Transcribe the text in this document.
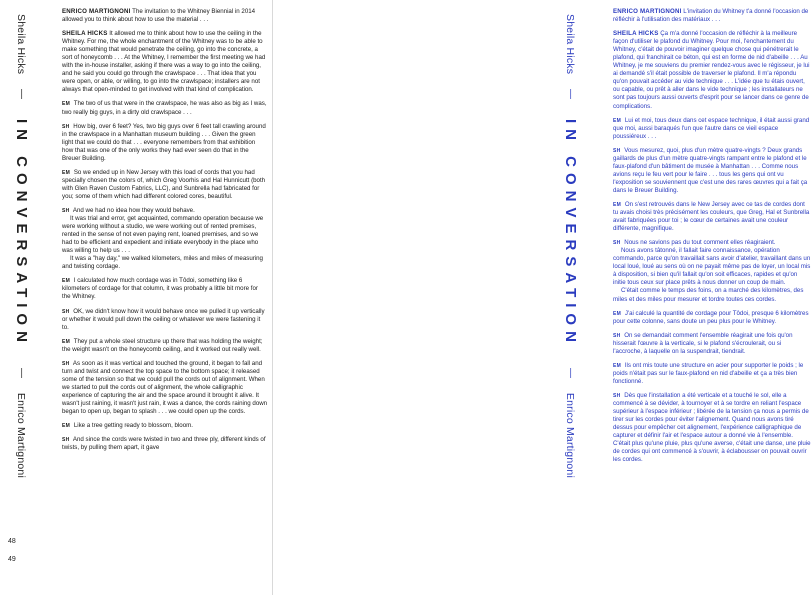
Sheila Hicks — IN CONVERSATION — Enrico Martignoni
48
49

ENRICO MARTIGNONI The invitation to the Whitney Biennial in 2014 allowed you to think about how to use the material . . .

SHEILA HICKS It allowed me to think about how to use the ceiling in the Whitney. For me, the whole enchantment of the Whitney was to be able to make something that would penetrate the ceiling, go into the concrete, a sort of honeycomb . . . At the Whitney, I remember the first meeting we had with the in-house installer, asking if there was a way to go into the ceiling, and he said you could go through the crawlspace . . . That idea that you were open, or able, or willing, to go into the crawlspace; installers are not always that open-minded to get involved with that kind of complication.

EM The two of us that were in the crawlspace, he was also as big as I was, two really big guys, in a dirty old crawlspace . . .

SH How big, over 6 feet? Yes, two big guys over 6 feet tall crawling around in the crawlspace in a Manhattan museum building . . . Given the green light that we could do that . . . everyone remembers from that exhibition how that was one of the only works they had ever seen do that in the Breuer Building.

EM So we ended up in New Jersey with this load of cords that you had specially chosen the colors of, which Greg Voorhis and Hal Hunnicutt (both with Glen Raven Custom Fabrics, LLC), and Sunbrella had fabricated for you; some of them which had different colored cores, beautiful.

SH And we had no idea how they would behave.
It was trial and error, get acquainted, commando operation because we were working without a studio, we were working out of rented premises, rented in the sense of not even paying rent, loaned premises, and so we had to be efficient and expedient and initiate everybody in the place who was willing to help us . . .
It was a "hay day," we walked kilometers, miles and miles of measuring and twisting cordage.

EM I calculated how much cordage was in Tôdoi, something like 6 kilometers of cordage for that column, it was probably a little bit more for the Whitney.

SH OK, we didn't know how it would behave once we pulled it up vertically or whether it would pull down the ceiling or whatever we were fastening it to.

EM They put a whole steel structure up there that was holding the weight; the weight wasn't on the honeycomb ceiling, and it worked out really well.

SH As soon as it was vertical and touched the ground, it began to fall and turn and twist and connect the top space to the bottom space; it released some of the tension so that we could pull the cords out of alignment. When we started to pull the cords out of alignment, the whole calligraphic experience of capturing the air and the space around it brought it alive. It wasn't just raining, it wasn't just rain, it was a dance, the cords raining down began to open up, began to splash . . . we could open up the cords.

EM Like a tree getting ready to blossom, bloom.

SH And since the cords were twisted in two and three ply, different kinds of twists, by pulling them apart, it gave

Sheila Hicks — IN CONVERSATION — Enrico Martignoni

ENRICO MARTIGNONI L'invitation du Whitney t'a donné l'occasion de réfléchir à l'utilisation des matériaux . . .

SHEILA HICKS Ça m'a donné l'occasion de réfléchir à la meilleure façon d'utiliser le plafond du Whitney. Pour moi, l'enchantement du Whitney, c'était de pouvoir imaginer quelque chose qui pénétrerait le plafond, qui franchirait ce béton, qui est en forme de nid d'abeille . . . Au Whitney, je me souviens du premier rendez-vous avec le régisseur, je lui ai demandé s'il était possible de traverser le plafond. Il m'a répondu qu'on pouvait accéder au vide technique . . . L'idée que tu étais ouvert, ou capable, ou prêt à aller dans le vide technique ; les installateurs ne sont pas toujours aussi ouverts d'esprit pour se lancer dans ce genre de complications.

EM Lui et moi, tous deux dans cet espace technique, il était aussi grand que moi, aussi baraqués l'un que l'autre dans ce vieil espace poussiéreux . . .

SH Vous mesurez, quoi, plus d'un mètre quatre-vingts ? Deux grands gaillards de plus d'un mètre quatre-vingts rampant entre le plafond et le faux-plafond d'un bâtiment de musée à Manhattan . . . Comme nous avions reçu le feu vert pour le faire . . . tous les gens qui ont vu l'exposition se souviennent que c'est une des rares œuvres qui a fait ça dans le Breuer Building.

EM On s'est retrouvés dans le New Jersey avec ce tas de cordes dont tu avais choisi très précisément les couleurs, que Greg, Hal et Sunbrella avait fabriquées pour toi ; le cœur de certaines avait une couleur différente, magnifique.

SH Nous ne savions pas du tout comment elles réagiraient.
Nous avons tâtonné, il fallait faire connaissance, opération commando, parce qu'on travaillait sans avoir d'atelier, travaillant dans un local loué, loué au sens où on ne payait même pas de loyer, un local mis à disposition, si bien qu'il fallait qu'on soit efficaces, rapides et qu'on initie tous ceux sur place prêts à nous donner un coup de main.
C'était comme le temps des foins, on a marché des kilomètres, des miles et des miles pour mesurer et tordre toutes ces cordes.

EM J'ai calculé la quantité de cordage pour Tôdoi, presque 6 kilomètres pour cette colonne, sans doute un peu plus pour le Whitney.

SH On se demandait comment l'ensemble réagirait une fois qu'on hisserait l'œuvre à la verticale, si le plafond s'écroulerait, ou si l'accroche, à laquelle on la suspendrait, tiendrait.

EM Ils ont mis toute une structure en acier pour supporter le poids ; le poids n'était pas sur le faux-plafond en nid d'abeille et ça a très bien fonctionné.

SH Dès que l'installation a été verticale et a touché le sol, elle a commencé à se dévider, à tournoyer et à se tordre en reliant l'espace supérieur à l'espace inférieur ; libérée de la tension ça nous a permis de tirer sur les cordes pour éviter l'alignement. Quand nous avons tiré dessus pour empêcher cet alignement, l'expérience calligraphique de capturer et définir l'air et l'espace autour a donné vie à l'ensemble. C'était plus qu'une pluie, plus qu'une averse, c'était une danse, une pluie de cordes qui ont commencé à s'ouvrir, à éclabousser on pouvait ouvrir les cordes.
